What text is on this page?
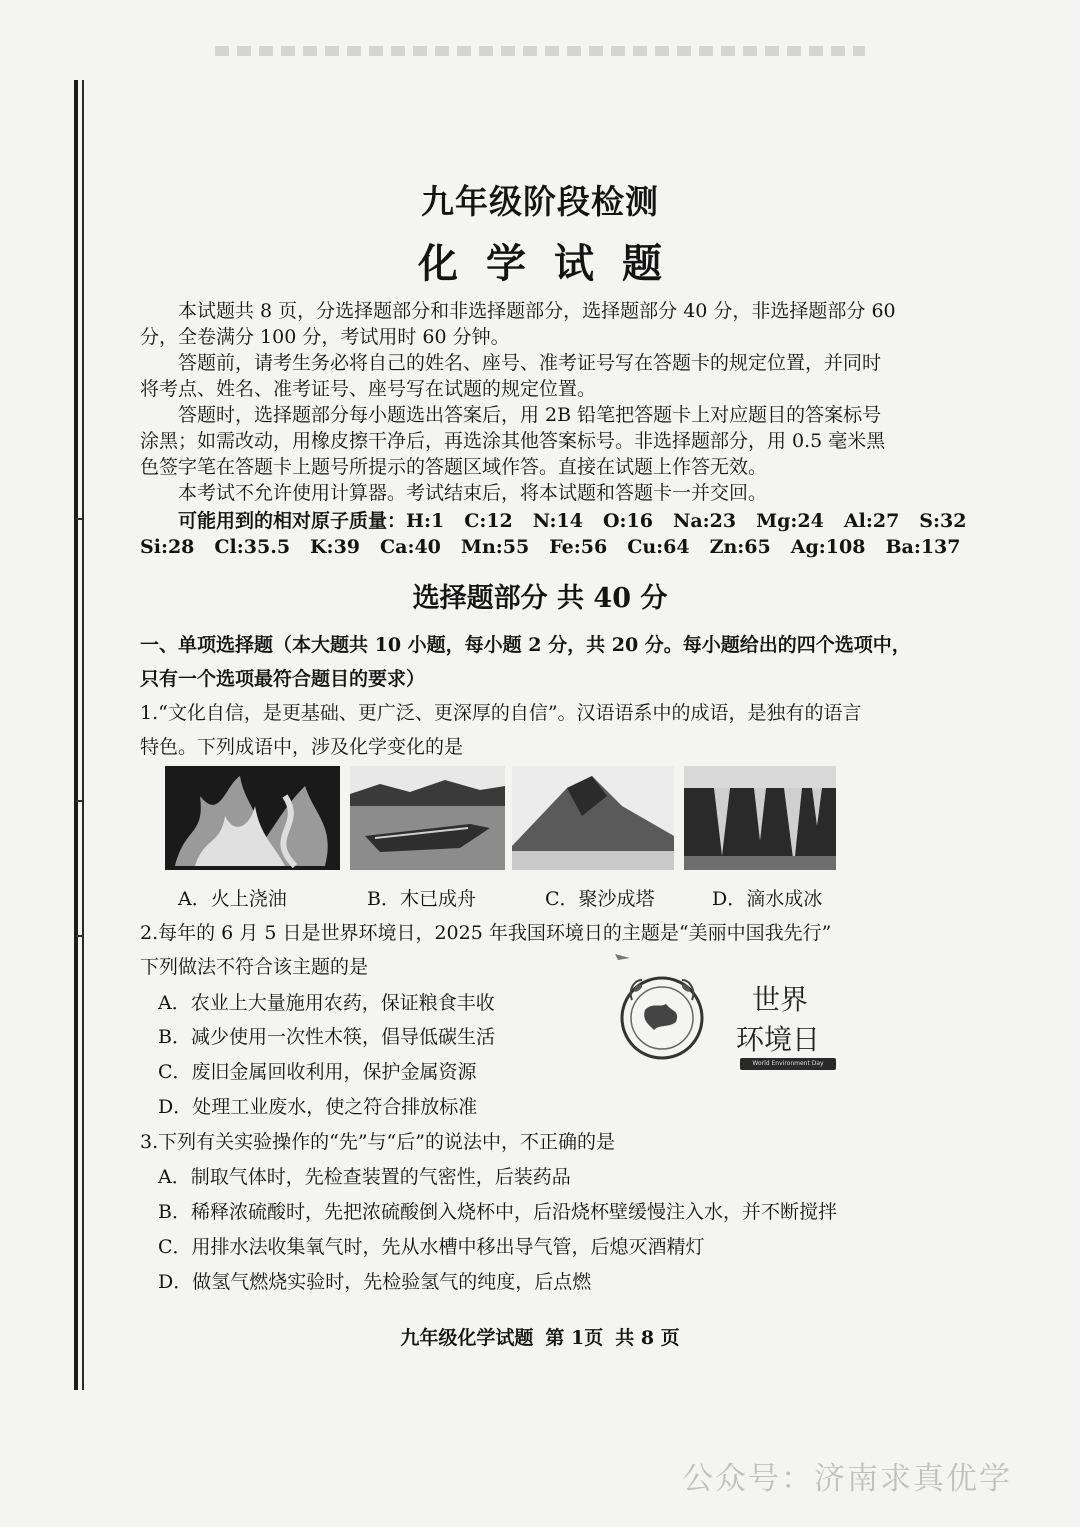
九年级阶段检测
化 学 试 题
本试题共 8 页，分选择题部分和非选择题部分，选择题部分 40 分，非选择题部分 60
分，全卷满分 100 分，考试用时 60 分钟。
答题前，请考生务必将自己的姓名、座号、准考证号写在答题卡的规定位置，并同时
将考点、姓名、准考证号、座号写在试题的规定位置。
答题时，选择题部分每小题选出答案后，用 2B 铅笔把答题卡上对应题目的答案标号
涂黑；如需改动，用橡皮擦干净后，再选涂其他答案标号。非选择题部分，用 0.5 毫米黑
色签字笔在答题卡上题号所提示的答题区域作答。直接在试题上作答无效。
本考试不允许使用计算器。考试结束后，将本试题和答题卡一并交回。
可能用到的相对原子质量：H:1 C:12 N:14 O:16 Na:23 Mg:24 Al:27 S:32
Si:28 Cl:35.5 K:39 Ca:40 Mn:55 Fe:56 Cu:64 Zn:65 Ag:108 Ba:137
选择题部分 共 40 分
一、单项选择题（本大题共 10 小题，每小题 2 分，共 20 分。每小题给出的四个选项中，
只有一个选项最符合题目的要求）
1.“文化自信，是更基础、更广泛、更深厚的自信”。汉语语系中的成语，是独有的语言
特色。下列成语中，涉及化学变化的是
A．火上浇油	B．木已成舟	C．聚沙成塔	D．滴水成冰
2.每年的 6 月 5 日是世界环境日，2025 年我国环境日的主题是“美丽中国我先行”
下列做法不符合该主题的是
A．农业上大量施用农药，保证粮食丰收
B．减少使用一次性木筷，倡导低碳生活
C．废旧金属回收利用，保护金属资源
D．处理工业废水，使之符合排放标准
世界
环境日
World Environment Day
3.下列有关实验操作的“先”与“后”的说法中，不正确的是
A．制取气体时，先检查装置的气密性，后装药品
B．稀释浓硫酸时，先把浓硫酸倒入烧杯中，后沿烧杯壁缓慢注入水，并不断搅拌
C．用排水法收集氧气时，先从水槽中移出导气管，后熄灭酒精灯
D．做氢气燃烧实验时，先检验氢气的纯度，后点燃
九年级化学试题 第 1页 共 8 页
公众号：济南求真优学
